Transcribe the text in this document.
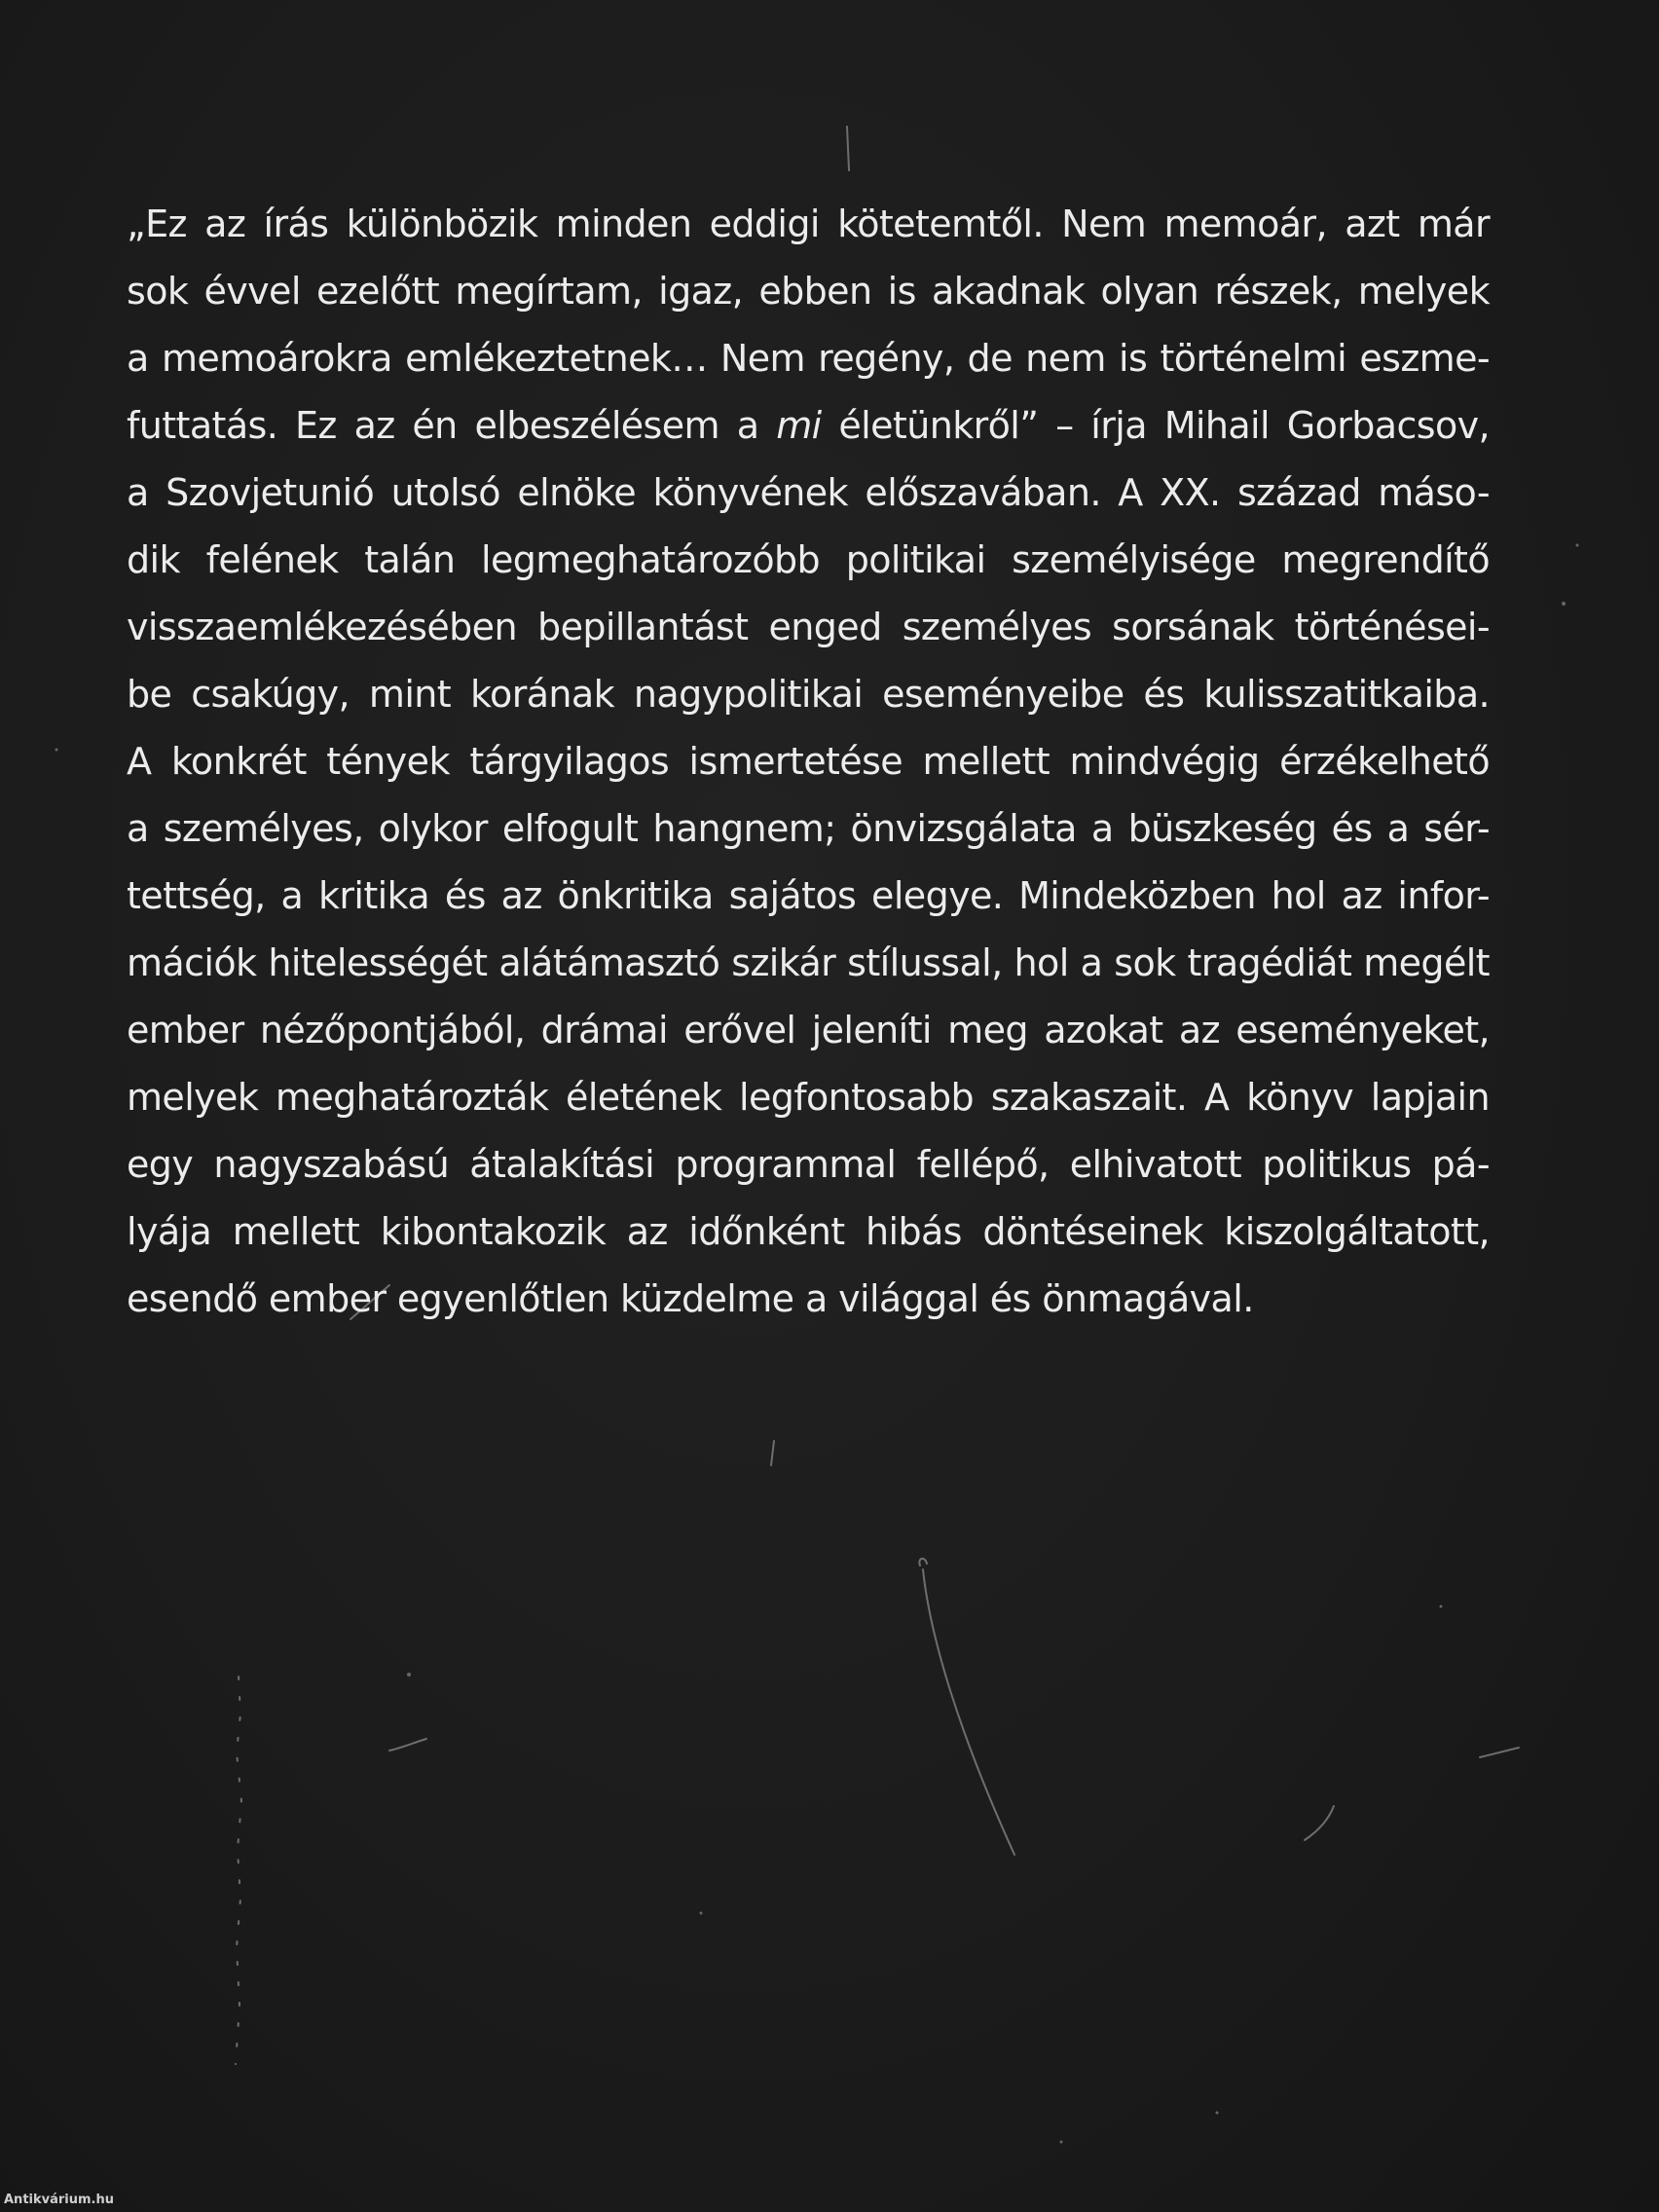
„Ez az írás különbözik minden eddigi kötetemtől. Nem memoár, azt már
sok évvel ezelőtt megírtam, igaz, ebben is akadnak olyan részek, melyek
a memoárokra emlékeztetnek… Nem regény, de nem is történelmi eszme-
futtatás. Ez az én elbeszélésem a mi életünkről” – írja Mihail Gorbacsov,
a Szovjetunió utolsó elnöke könyvének előszavában. A XX. század máso-
dik felének talán legmeghatározóbb politikai személyisége megrendítő
visszaemlékezésében bepillantást enged személyes sorsának történései-
be csakúgy, mint korának nagypolitikai eseményeibe és kulisszatitkaiba.
A konkrét tények tárgyilagos ismertetése mellett mindvégig érzékelhető
a személyes, olykor elfogult hangnem; önvizsgálata a büszkeség és a sér-
tettség, a kritika és az önkritika sajátos elegye. Mindeközben hol az infor-
mációk hitelességét alátámasztó szikár stílussal, hol a sok tragédiát megélt
ember nézőpontjából, drámai erővel jeleníti meg azokat az eseményeket,
melyek meghatározták életének legfontosabb szakaszait. A könyv lapjain
egy nagyszabású átalakítási programmal fellépő, elhivatott politikus pá-
lyája mellett kibontakozik az időnként hibás döntéseinek kiszolgáltatott,
esendő ember egyenlőtlen küzdelme a világgal és önmagával.
Antikvárium.hu
